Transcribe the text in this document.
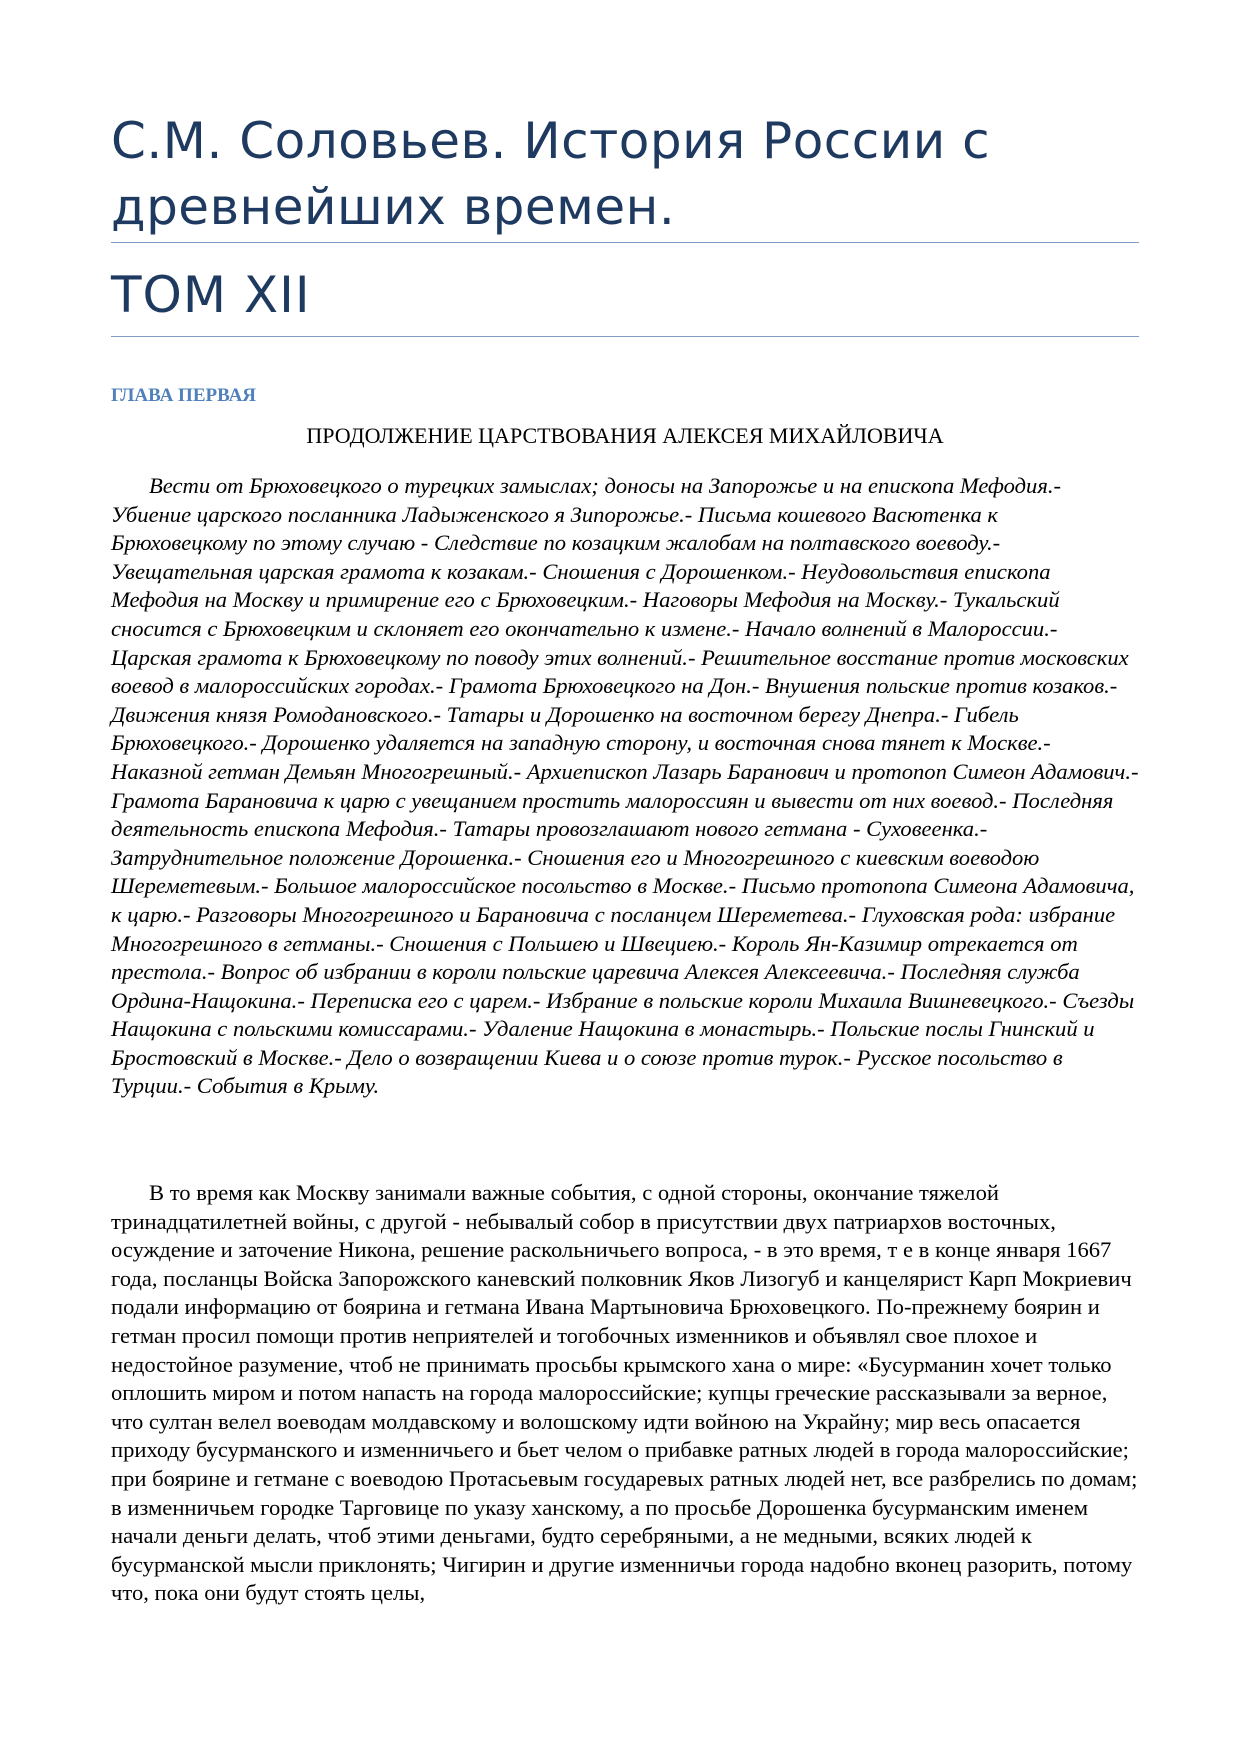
С.М. Соловьев. История России с древнейших времен.
ТОМ XII
ГЛАВА ПЕРВАЯ
ПРОДОЛЖЕНИЕ ЦАРСТВОВАНИЯ АЛЕКСЕЯ МИХАЙЛОВИЧА

Вести от Брюховецкого о турецких замыслах; доносы на Запорожье и на епископа Мефодия.- Убиение царского посланника Ладыженского я Зипорожье.- Письма кошевого Васютенка к Брюховецкому по этому случаю - Следствие по козацким жалобам на полтавского воеводу.- Увещательная царская грамота к козакам.- Сношения с Дорошенком.- Неудовольствия епископа Мефодия на Москву и примирение его с Брюховецким.- Наговоры Мефодия на Москву.- Тукальский сносится с Брюховецким и склоняет его окончательно к измене.- Начало волнений в Малороссии.- Царская грамота к Брюховецкому по поводу этих волнений.- Решительное восстание против московских воевод в малороссийских городах.- Грамота Брюховецкого на Дон.- Внушения польские против козаков.- Движения князя Ромодановского.- Татары и Дорошенко на восточном берегу Днепра.- Гибель Брюховецкого.- Дорошенко удаляется на западную сторону, и восточная снова тянет к Москве.- Наказной гетман Демьян Многогрешный.- Архиепископ Лазарь Баранович и протопоп Симеон Адамович.- Грамота Барановича к царю с увещанием простить малороссиян и вывести от них воевод.- Последняя деятельность епископа Мефодия.- Татары провозглашают нового гетмана - Суховеенка.- Затруднительное положение Дорошенка.- Сношения его и Многогрешного с киевским воеводою Шереметевым.- Большое малороссийское посольство в Москве.- Письмо протопопа Симеона Адамовича, к царю.- Разговоры Многогрешного и Барановича с посланцем Шереметева.- Глуховская рода: избрание Многогрешного в гетманы.- Сношения с Польшею и Швециею.- Король Ян-Казимир отрекается от престола.- Вопрос об избрании в короли польские царевича Алексея Алексеевича.- Последняя служба Ордина-Нащокина.- Переписка его с царем.- Избрание в польские короли Михаила Вишневецкого.- Съезды Нащокина с польскими комиссарами.- Удаление Нащокина в монастырь.- Польские послы Гнинский и Бростовский в Москве.- Дело о возвращении Киева и о союзе против турок.- Русское посольство в Турции.- События в Крыму.

В то время как Москву занимали важные события, с одной стороны, окончание тяжелой тринадцатилетней войны, с другой - небывалый собор в присутствии двух патриархов восточных, осуждение и заточение Никона, решение раскольничьего вопроса, - в это время, т е в конце января 1667 года, посланцы Войска Запорожского каневский полковник Яков Лизогуб и канцелярист Карп Мокриевич подали информацию от боярина и гетмана Ивана Мартыновича Брюховецкого. По-прежнему боярин и гетман просил помощи против неприятелей и тогобочных изменников и объявлял свое плохое и недостойное разумение, чтоб не принимать просьбы крымского хана о мире: «Бусурманин хочет только оплошить миром и потом напасть на города малороссийские; купцы греческие рассказывали за верное, что султан велел воеводам молдавскому и волошскому идти войною на Украйну; мир весь опасается приходу бусурманского и изменничьего и бьет челом о прибавке ратных людей в города малороссийские; при боярине и гетмане с воеводою Протасьевым государевых ратных людей нет, все разбрелись по домам; в изменничьем городке Тарговице по указу ханскому, а по просьбе Дорошенка бусурманским именем начали деньги делать, чтоб этими деньгами, будто серебряными, а не медными, всяких людей к бусурманской мысли приклонять; Чигирин и другие изменничьи города надобно вконец разорить, потому что, пока они будут стоять целы,
